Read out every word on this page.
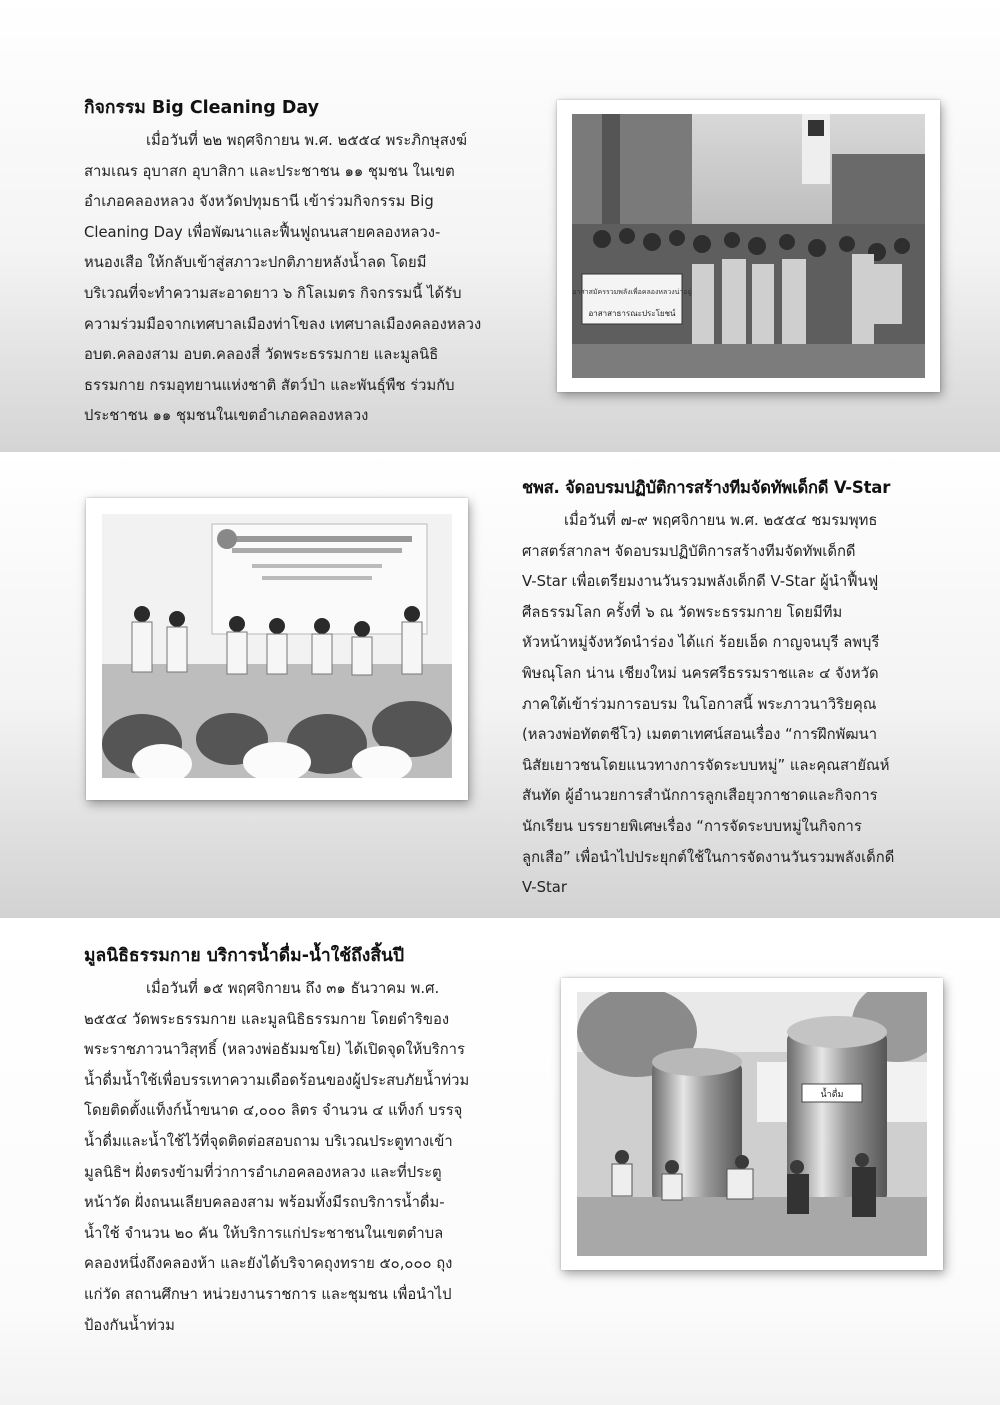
กิจกรรม Big Cleaning Day
เมื่อวันที่ ๒๒ พฤศจิกายน พ.ศ. ๒๕๕๔ พระภิกษุสงฆ์
สามเณร อุบาสก อุบาสิกา และประชาชน ๑๑ ชุมชน ในเขต
อำเภอคลองหลวง จังหวัดปทุมธานี เข้าร่วมกิจกรรม Big
Cleaning Day เพื่อพัฒนาและฟื้นฟูถนนสายคลองหลวง-
หนองเสือ ให้กลับเข้าสู่สภาวะปกติภายหลังน้ำลด โดยมี
บริเวณที่จะทำความสะอาดยาว ๖ กิโลเมตร กิจกรรมนี้ ได้รับ
ความร่วมมือจากเทศบาลเมืองท่าโขลง เทศบาลเมืองคลองหลวง
อบต.คลองสาม อบต.คลองสี่ วัดพระธรรมกาย และมูลนิธิ
ธรรมกาย กรมอุทยานแห่งชาติ สัตว์ป่า และพันธุ์พืช ร่วมกับ
ประชาชน ๑๑ ชุมชนในเขตอำเภอคลองหลวง
อาสาสมัครรวมพลังเพื่อคลองหลวงน่าอยู่
อาสาสาธารณะประโยชน์
ชพส. จัดอบรมปฏิบัติการสร้างทีมจัดทัพเด็กดี V-Star
เมื่อวันที่ ๗-๙ พฤศจิกายน พ.ศ. ๒๕๕๔ ชมรมพุทธ
ศาสตร์สากลฯ จัดอบรมปฏิบัติการสร้างทีมจัดทัพเด็กดี
V-Star เพื่อเตรียมงานวันรวมพลังเด็กดี V-Star ผู้นำฟื้นฟู
ศีลธรรมโลก ครั้งที่ ๖ ณ วัดพระธรรมกาย โดยมีทีม
หัวหน้าหมู่จังหวัดนำร่อง ได้แก่ ร้อยเอ็ด กาญจนบุรี ลพบุรี
พิษณุโลก น่าน เชียงใหม่ นครศรีธรรมราชและ ๔ จังหวัด
ภาคใต้เข้าร่วมการอบรม ในโอกาสนี้ พระภาวนาวิริยคุณ
(หลวงพ่อทัตตชีโว) เมตตาเทศน์สอนเรื่อง “การฝึกพัฒนา
นิสัยเยาวชนโดยแนวทางการจัดระบบหมู่” และคุณสายัณห์
สันทัด ผู้อำนวยการสำนักการลูกเสือยุวกาชาดและกิจการ
นักเรียน บรรยายพิเศษเรื่อง “การจัดระบบหมู่ในกิจการ
ลูกเสือ” เพื่อนำไปประยุกต์ใช้ในการจัดงานวันรวมพลังเด็กดี
V-Star
มูลนิธิธรรมกาย บริการน้ำดื่ม-น้ำใช้ถึงสิ้นปี
เมื่อวันที่ ๑๕ พฤศจิกายน ถึง ๓๑ ธันวาคม พ.ศ.
๒๕๕๔ วัดพระธรรมกาย และมูลนิธิธรรมกาย โดยดำริของ
พระราชภาวนาวิสุทธิ์ (หลวงพ่อธัมมชโย) ได้เปิดจุดให้บริการ
น้ำดื่มน้ำใช้เพื่อบรรเทาความเดือดร้อนของผู้ประสบภัยน้ำท่วม
โดยติดตั้งแท็งก์น้ำขนาด ๔,๐๐๐ ลิตร จำนวน ๔ แท็งก์ บรรจุ
น้ำดื่มและน้ำใช้ไว้ที่จุดติดต่อสอบถาม บริเวณประตูทางเข้า
มูลนิธิฯ ฝั่งตรงข้ามที่ว่าการอำเภอคลองหลวง และที่ประตู
หน้าวัด ฝั่งถนนเลียบคลองสาม พร้อมทั้งมีรถบริการน้ำดื่ม-
น้ำใช้ จำนวน ๒๐ คัน ให้บริการแก่ประชาชนในเขตตำบล
คลองหนึ่งถึงคลองห้า และยังได้บริจาคถุงทราย ๕๐,๐๐๐ ถุง
แก่วัด สถานศึกษา หน่วยงานราชการ และชุมชน เพื่อนำไป
ป้องกันน้ำท่วม
น้ำดื่ม
